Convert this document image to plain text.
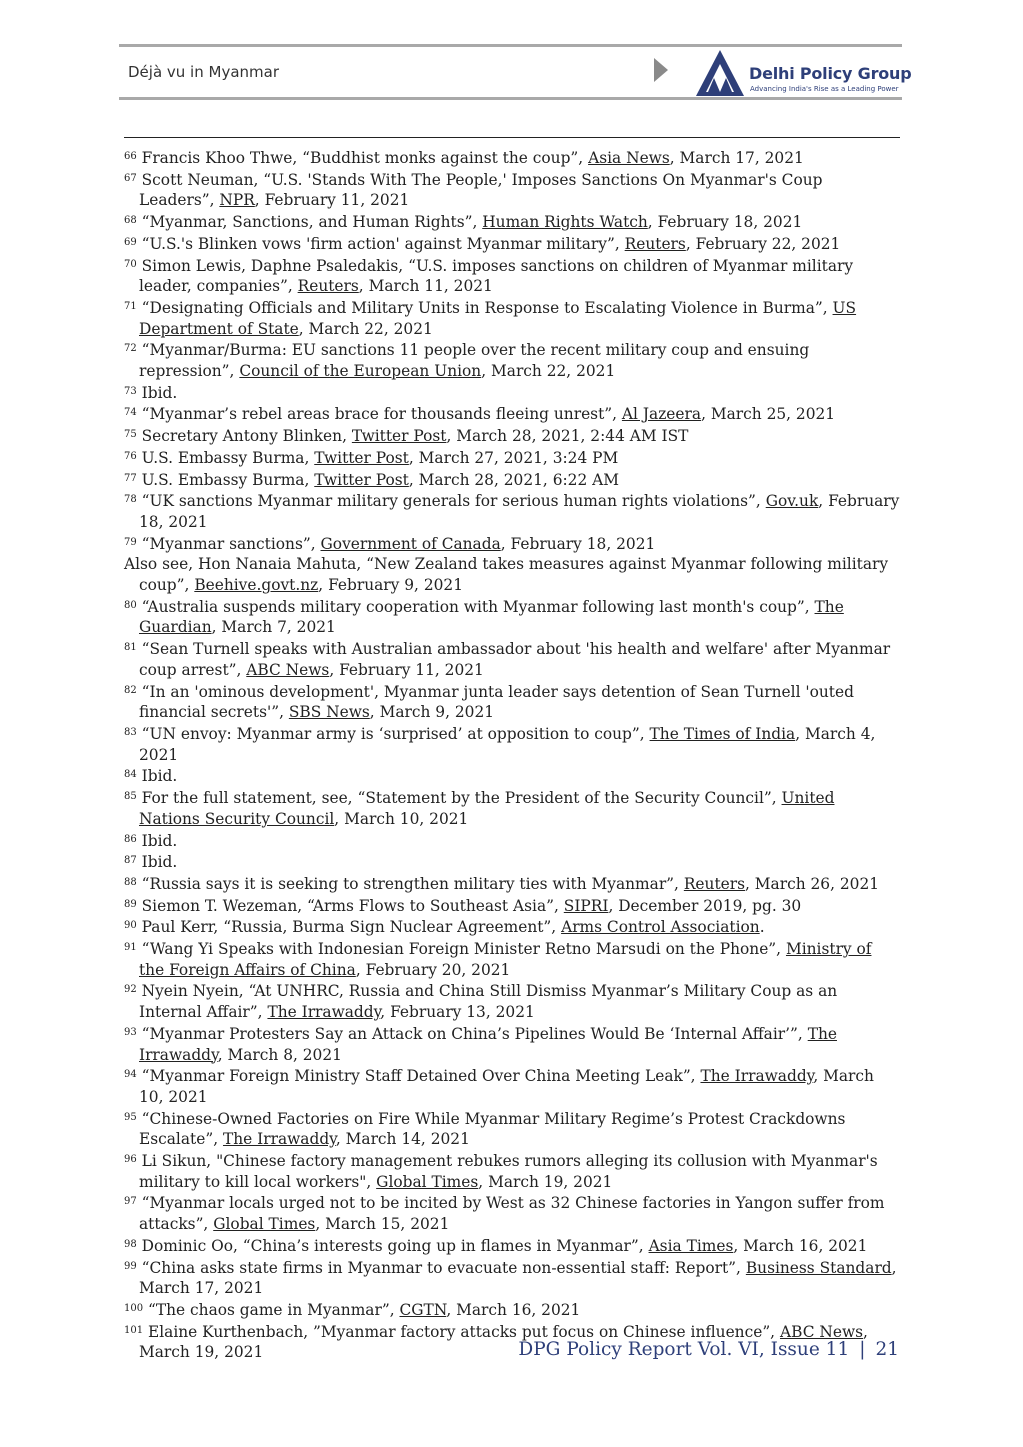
Déjà vu in Myanmar	Delhi Policy Group
Advancing India's Rise as a Leading Power
$^{66}$ Francis Khoo Thwe, “Buddhist monks against the coup”, Asia News, March 17, 2021
$^{67}$ Scott Neuman, “U.S. 'Stands With The People,' Imposes Sanctions On Myanmar's Coup Leaders”, NPR, February 11, 2021
$^{68}$ “Myanmar, Sanctions, and Human Rights”, Human Rights Watch, February 18, 2021
$^{69}$ “U.S.'s Blinken vows 'firm action' against Myanmar military”, Reuters, February 22, 2021
$^{70}$ Simon Lewis, Daphne Psaledakis, “U.S. imposes sanctions on children of Myanmar military leader, companies”, Reuters, March 11, 2021
$^{71}$ “Designating Officials and Military Units in Response to Escalating Violence in Burma”, US Department of State, March 22, 2021
$^{72}$ “Myanmar/Burma: EU sanctions 11 people over the recent military coup and ensuing repression”, Council of the European Union, March 22, 2021
$^{73}$ Ibid.
$^{74}$ “Myanmar’s rebel areas brace for thousands fleeing unrest”, Al Jazeera, March 25, 2021
$^{75}$ Secretary Antony Blinken, Twitter Post, March 28, 2021, 2:44 AM IST
$^{76}$ U.S. Embassy Burma, Twitter Post, March 27, 2021, 3:24 PM
$^{77}$ U.S. Embassy Burma, Twitter Post, March 28, 2021, 6:22 AM
$^{78}$ “UK sanctions Myanmar military generals for serious human rights violations”, Gov.uk, February 18, 2021
$^{79}$ “Myanmar sanctions”, Government of Canada, February 18, 2021
Also see, Hon Nanaia Mahuta, “New Zealand takes measures against Myanmar following military coup”, Beehive.govt.nz, February 9, 2021
$^{80}$ “Australia suspends military cooperation with Myanmar following last month's coup”, The Guardian, March 7, 2021
$^{81}$ “Sean Turnell speaks with Australian ambassador about 'his health and welfare' after Myanmar coup arrest”, ABC News, February 11, 2021
$^{82}$ “In an 'ominous development', Myanmar junta leader says detention of Sean Turnell 'outed financial secrets'”, SBS News, March 9, 2021
$^{83}$ “UN envoy: Myanmar army is ‘surprised’ at opposition to coup”, The Times of India, March 4, 2021
$^{84}$ Ibid.
$^{85}$ For the full statement, see, “Statement by the President of the Security Council”, United Nations Security Council, March 10, 2021
$^{86}$ Ibid.
$^{87}$ Ibid.
$^{88}$ “Russia says it is seeking to strengthen military ties with Myanmar”, Reuters, March 26, 2021
$^{89}$ Siemon T. Wezeman, “Arms Flows to Southeast Asia”, SIPRI, December 2019, pg. 30
$^{90}$ Paul Kerr, “Russia, Burma Sign Nuclear Agreement”, Arms Control Association.
$^{91}$ “Wang Yi Speaks with Indonesian Foreign Minister Retno Marsudi on the Phone”, Ministry of the Foreign Affairs of China, February 20, 2021
$^{92}$ Nyein Nyein, “At UNHRC, Russia and China Still Dismiss Myanmar’s Military Coup as an Internal Affair”, The Irrawaddy, February 13, 2021
$^{93}$ “Myanmar Protesters Say an Attack on China’s Pipelines Would Be ‘Internal Affair’”, The Irrawaddy, March 8, 2021
$^{94}$ “Myanmar Foreign Ministry Staff Detained Over China Meeting Leak”, The Irrawaddy, March 10, 2021
$^{95}$ “Chinese-Owned Factories on Fire While Myanmar Military Regime’s Protest Crackdowns Escalate”, The Irrawaddy, March 14, 2021
$^{96}$ Li Sikun, "Chinese factory management rebukes rumors alleging its collusion with Myanmar's military to kill local workers", Global Times, March 19, 2021
$^{97}$ “Myanmar locals urged not to be incited by West as 32 Chinese factories in Yangon suffer from attacks”, Global Times, March 15, 2021
$^{98}$ Dominic Oo, “China’s interests going up in flames in Myanmar”, Asia Times, March 16, 2021
$^{99}$ “China asks state firms in Myanmar to evacuate non-essential staff: Report”, Business Standard, March 17, 2021
$^{100}$ “The chaos game in Myanmar”, CGTN, March 16, 2021
$^{101}$ Elaine Kurthenbach, ”Myanmar factory attacks put focus on Chinese influence”, ABC News, March 19, 2021	DPG Policy Report Vol. VI, Issue 11 | 21
